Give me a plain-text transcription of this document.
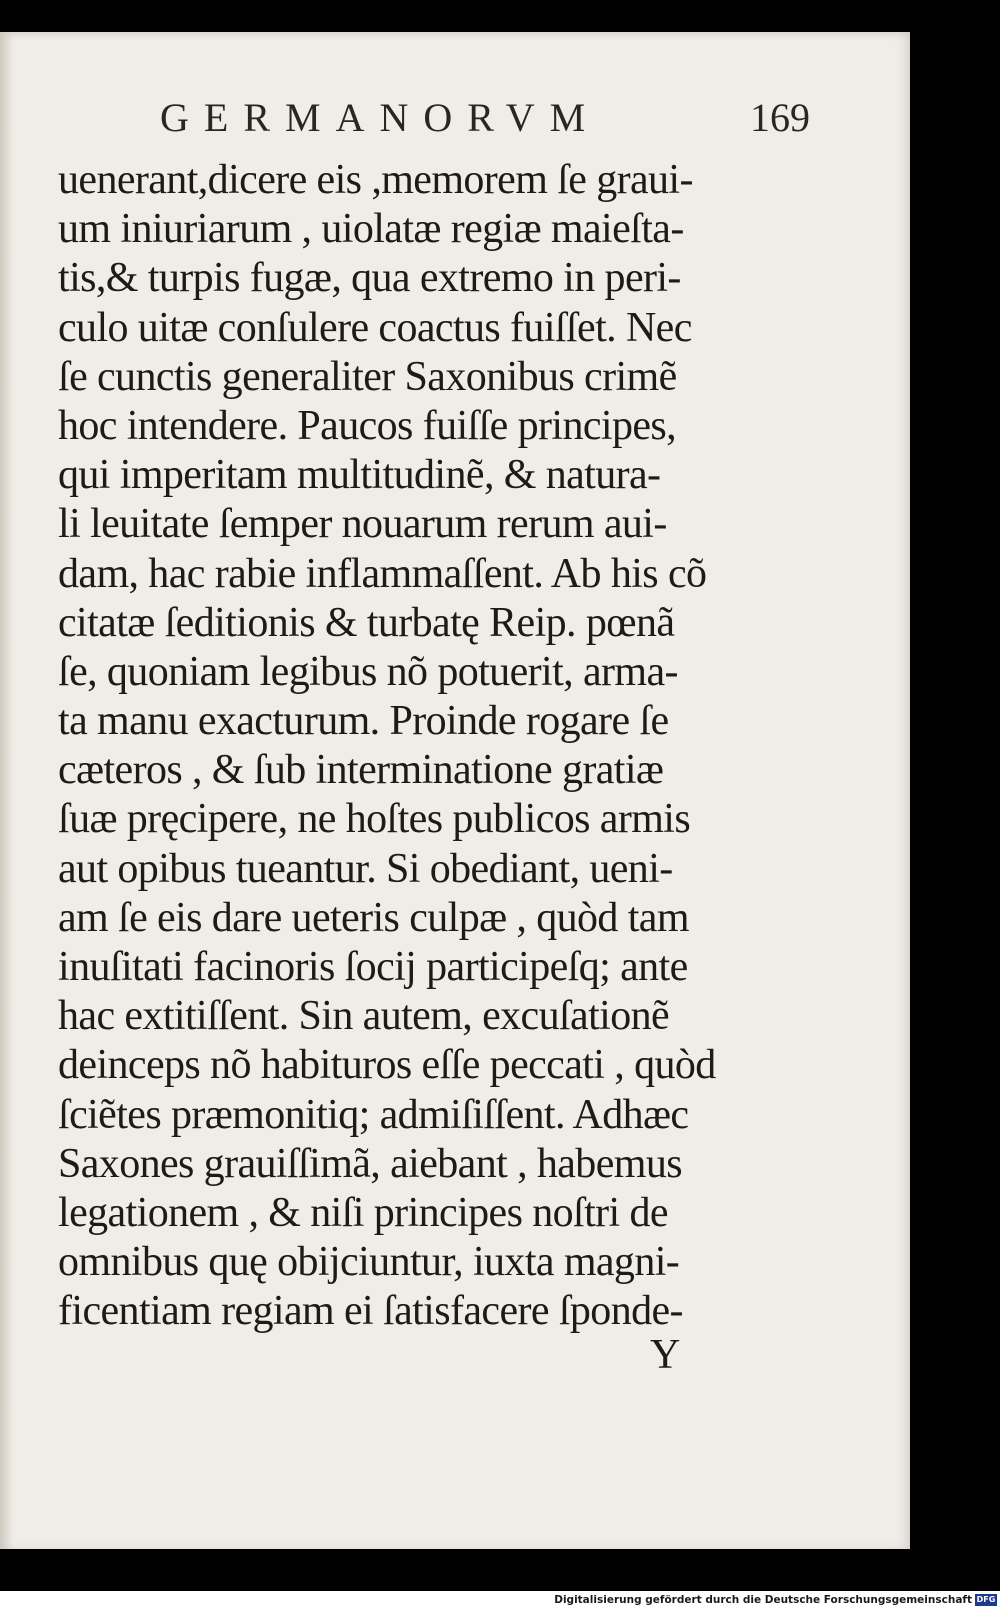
GERMANORVM	169
uenerant,dicere eis ,memorem ſe graui-
um iniuriarum , uiolatæ regiæ maieſta-
tis,& turpis fugæ, qua extremo in peri-
culo uitæ conſulere coactus fuiſſet. Nec
ſe cunctis generaliter Saxonibus crimẽ
hoc intendere. Paucos fuiſſe principes,
qui imperitam multitudinẽ, & natura-
li leuitate ſemper nouarum rerum aui-
dam, hac rabie inflammaſſent. Ab his cõ
citatæ ſeditionis & turbatę Reip. pœnã
ſe, quoniam legibus nõ potuerit, arma-
ta manu exacturum. Proinde rogare ſe
cæteros , & ſub interminatione gratiæ
ſuæ pręcipere, ne hoſtes publicos armis
aut opibus tueantur. Si obediant, ueni-
am ſe eis dare ueteris culpæ , quòd tam
inuſitati facinoris ſocij participeſq; ante
hac extitiſſent. Sin autem, excuſationẽ
deinceps nõ habituros eſſe peccati , quòd
ſciẽtes præmonitiq; admiſiſſent. Adhæc
Saxones grauiſſimã, aiebant , habemus
legationem , & niſi principes noſtri de
omnibus quę obijciuntur, iuxta magni-
ficentiam regiam ei ſatisfacere ſponde-
Y
Digitalisierung gefördert durch die Deutsche Forschungsgemeinschaft DFG
